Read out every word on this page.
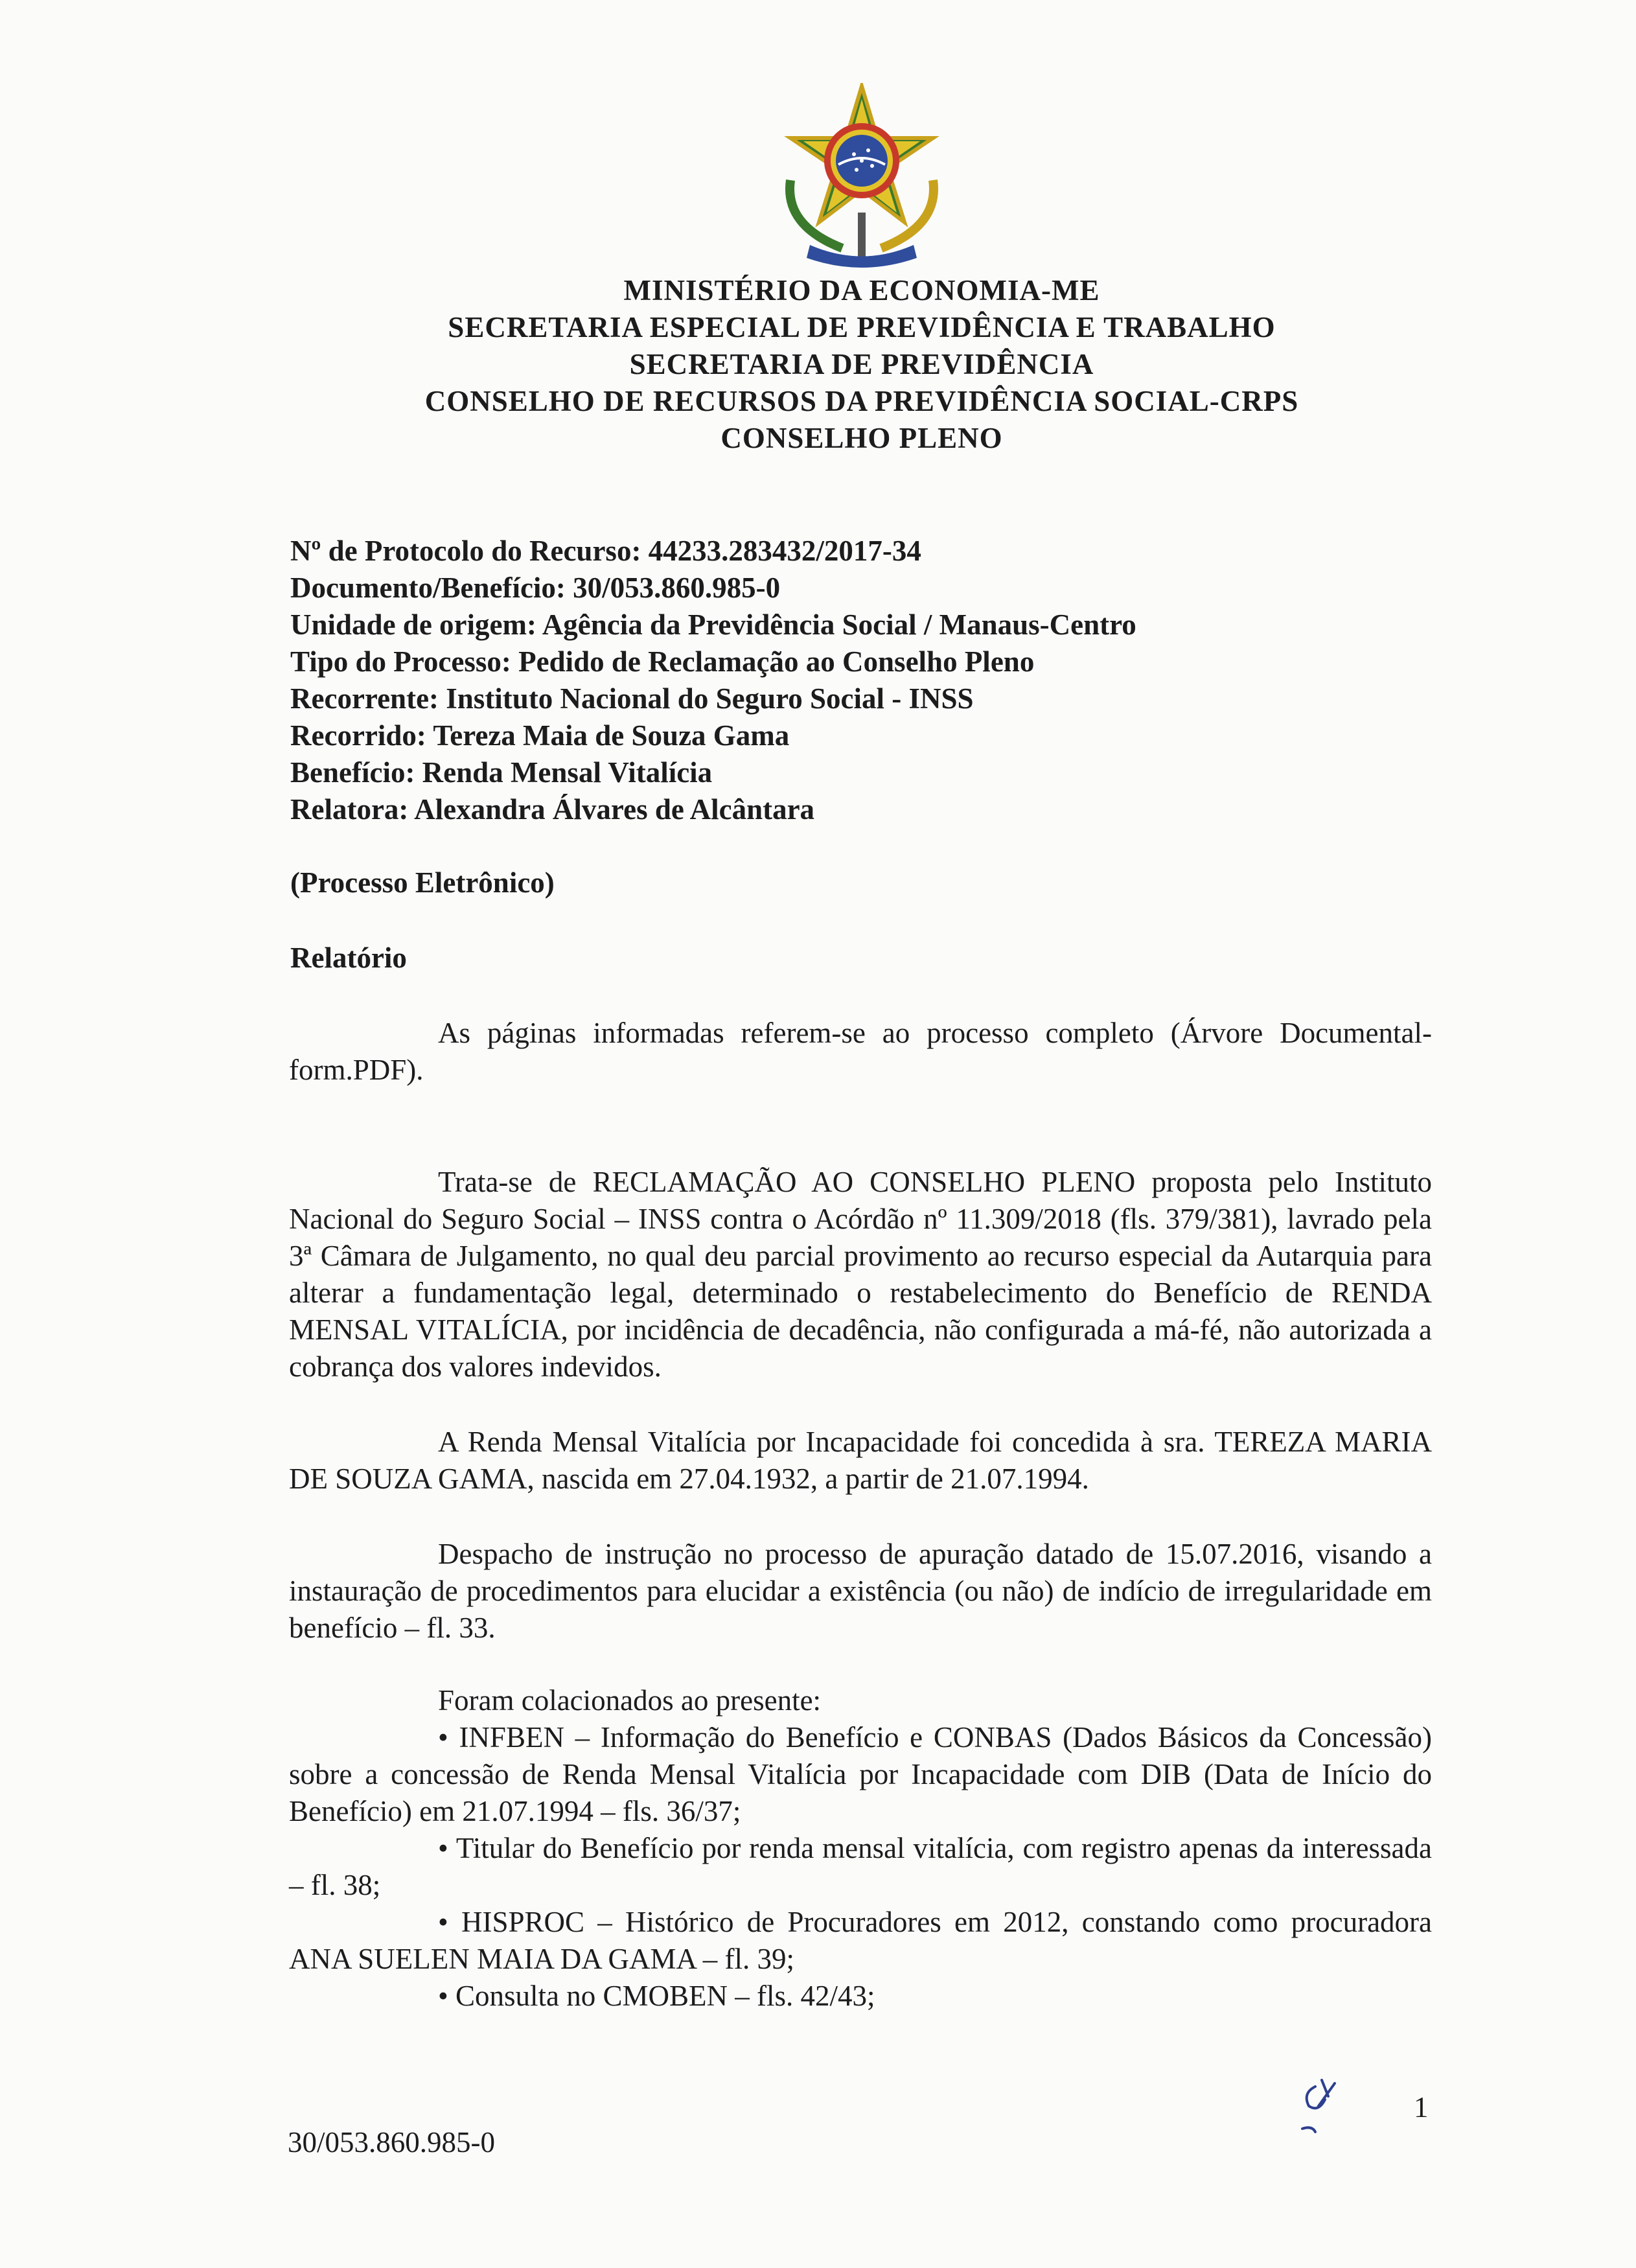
MINISTÉRIO DA ECONOMIA-ME
SECRETARIA ESPECIAL DE PREVIDÊNCIA E TRABALHO
SECRETARIA DE PREVIDÊNCIA
CONSELHO DE RECURSOS DA PREVIDÊNCIA SOCIAL-CRPS
CONSELHO PLENO
Nº de Protocolo do Recurso: 44233.283432/2017-34
Documento/Benefício: 30/053.860.985-0
Unidade de origem: Agência da Previdência Social / Manaus-Centro
Tipo do Processo: Pedido de Reclamação ao Conselho Pleno
Recorrente: Instituto Nacional do Seguro Social - INSS
Recorrido: Tereza Maia de Souza Gama
Benefício: Renda Mensal Vitalícia
Relatora: Alexandra Álvares de Alcântara
(Processo Eletrônico)
Relatório
As páginas informadas referem-se ao processo completo (Árvore Documental-form.PDF).
Trata-se de RECLAMAÇÃO AO CONSELHO PLENO proposta pelo Instituto Nacional do Seguro Social – INSS contra o Acórdão nº 11.309/2018 (fls. 379/381), lavrado pela 3ª Câmara de Julgamento, no qual deu parcial provimento ao recurso especial da Autarquia para alterar a fundamentação legal, determinado o restabelecimento do Benefício de RENDA MENSAL VITALÍCIA, por incidência de decadência, não configurada a má-fé, não autorizada a cobrança dos valores indevidos.
A Renda Mensal Vitalícia por Incapacidade foi concedida à sra. TEREZA MARIA DE SOUZA GAMA, nascida em 27.04.1932, a partir de 21.07.1994.
Despacho de instrução no processo de apuração datado de 15.07.2016, visando a instauração de procedimentos para elucidar a existência (ou não) de indício de irregularidade em benefício – fl. 33.
Foram colacionados ao presente:
• INFBEN – Informação do Benefício e CONBAS (Dados Básicos da Concessão) sobre a concessão de Renda Mensal Vitalícia por Incapacidade com DIB (Data de Início do Benefício) em 21.07.1994 – fls. 36/37;
• Titular do Benefício por renda mensal vitalícia, com registro apenas da interessada – fl. 38;
• HISPROC – Histórico de Procuradores em 2012, constando como procuradora ANA SUELEN MAIA DA GAMA – fl. 39;
• Consulta no CMOBEN – fls. 42/43;
1
30/053.860.985-0
